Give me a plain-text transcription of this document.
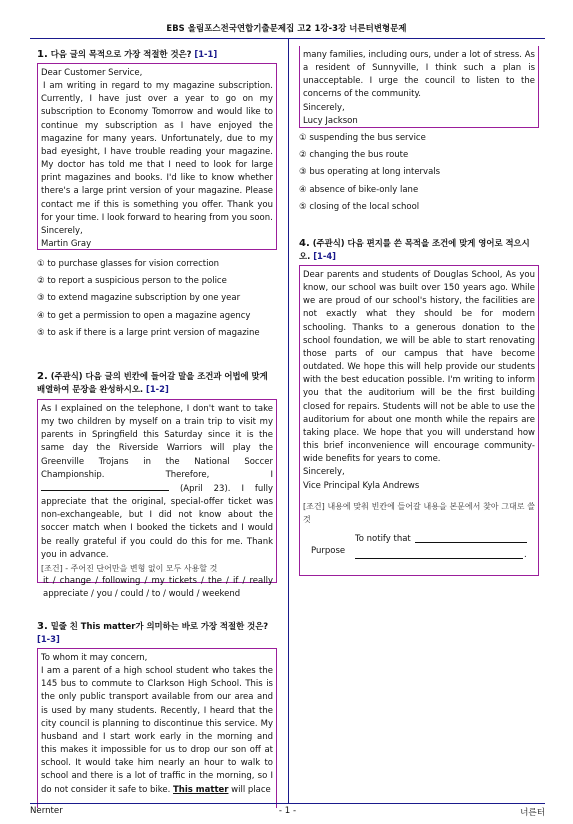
EBS 올림포스전국연합기출문제집 고2 1강-3강 너른터변형문제
1. 다음 글의 목적으로 가장 적절한 것은? [1-1]

Dear Customer Service,

I am writing in regard to my magazine subscription. Currently, I have just over a year to go on my subscription to Economy Tomorrow and would like to continue my subscription as I have enjoyed the magazine for many years. Unfortunately, due to my bad eyesight, I have trouble reading your magazine. My doctor has told me that I need to look for large print magazines and books. I'd like to know whether there's a large print version of your magazine. Please contact me if this is something you offer. Thank you for your time. I look forward to hearing from you soon.

Sincerely,

Martin Gray

① to purchase glasses for vision correction
② to report a suspicious person to the police
③ to extend magazine subscription by one year
④ to get a permission to open a magazine agency
⑤ to ask if there is a large print version of magazine
2. (주관식) 다음 글의 빈칸에 들어갈 말을 조건과 어법에 맞게 배열하여 문장을 완성하시오. [1-2]

As I explained on the telephone, I don't want to take my two children by myself on a train trip to visit my parents in Springfield this Saturday since it is the same day the Riverside Warriors will play the Greenville Trojans in the National Soccer Championship. Therefore, I  (April 23). I fully appreciate that the original, special-offer ticket was non-exchangeable, but I did not know about the soccer match when I booked the tickets and I would be really grateful if you could do this for me. Thank you in advance.

[조건] - 주어진 단어만을 변형 없이 모두 사용할 것

it / change / following / my tickets / the / if / really appreciate / you / could / to / would / weekend

3. 밑줄 친 This matter가 의미하는 바로 가장 적절한 것은? [1-3]

To whom it may concern,

I am a parent of a high school student who takes the 145 bus to commute to Clarkson High School. This is the only public transport available from our area and is used by many students. Recently, I heard that the city council is planning to discontinue this service. My husband and I start work early in the morning and this makes it impossible for us to drop our son off at school. It would take him nearly an hour to walk to school and there is a lot of traffic in the morning, so I do not consider it safe to bike. This matter will place

many families, including ours, under a lot of stress. As a resident of Sunnyville, I think such a plan is unacceptable. I urge the council to listen to the concerns of the community.

Sincerely,

Lucy Jackson

① suspending the bus service
② changing the bus route
③ bus operating at long intervals
④ absence of bike-only lane
⑤ closing of the local school
4. (주관식) 다음 편지를 쓴 목적을 조건에 맞게 영어로 적으시오. [1-4]

Dear parents and students of Douglas School, As you know, our school was built over 150 years ago. While we are proud of our school's history, the facilities are not exactly what they should be for modern schooling. Thanks to a generous donation to the school foundation, we will be able to start renovating those parts of our campus that have become outdated. We hope this will help provide our students with the best education possible. I'm writing to inform you that the auditorium will be the first building closed for repairs. Students will not be able to use the auditorium for about one month while the repairs are taking place. We hope that you will understand how this brief inconvenience will encourage community-wide benefits for years to come.

Sincerely,

Vice Principal Kyla Andrews

[조건] 내용에 맞춰 빈칸에 들어갈 내용을 본문에서 찾아 그대로 쓸 것

Purpose
To notify that
.
- 1 -
Nernter	너른터
